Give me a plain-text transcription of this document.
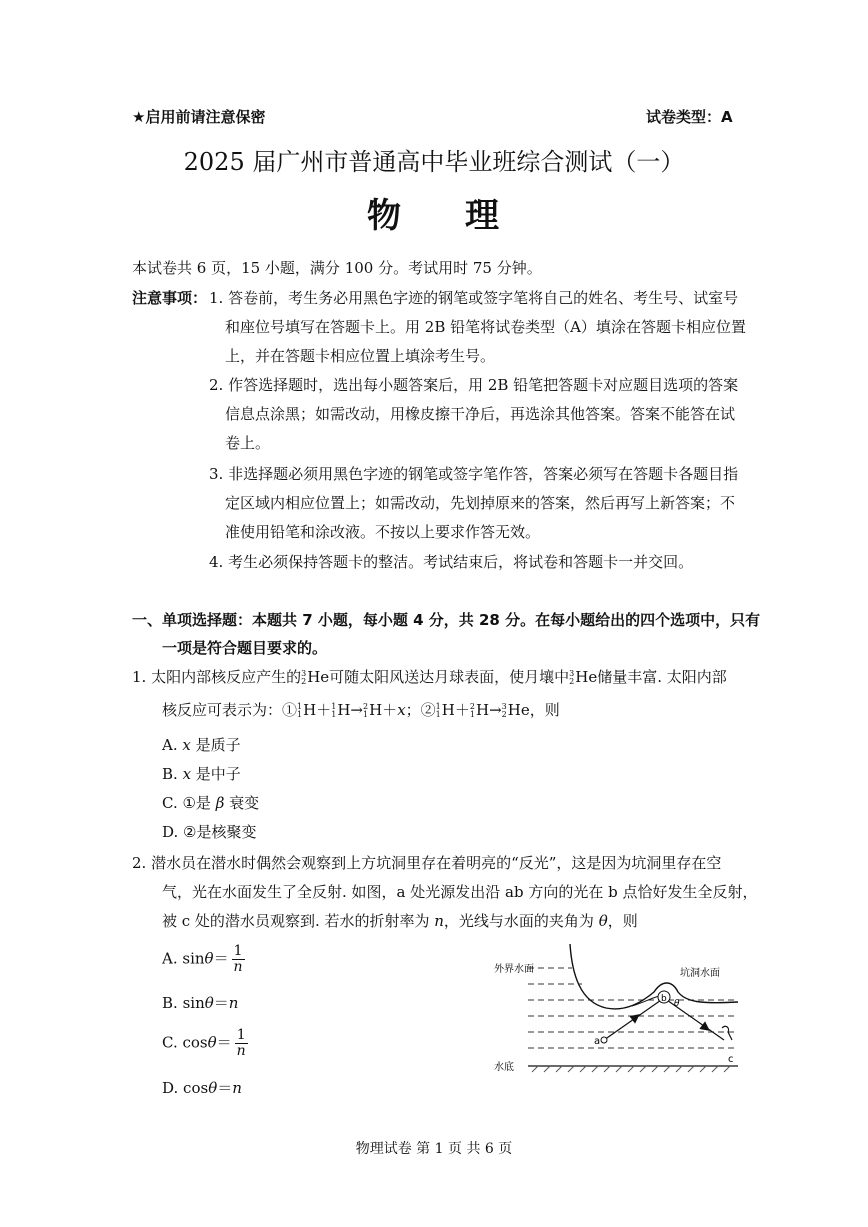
★启用前请注意保密	试卷类型：A
2025 届广州市普通高中毕业班综合测试（一）
物 理
本试卷共 6 页，15 小题，满分 100 分。考试用时 75 分钟。
注意事项： 1. 答卷前，考生务必用黑色字迹的钢笔或签字笔将自己的姓名、考生号、试室号
和座位号填写在答题卡上。用 2B 铅笔将试卷类型（A）填涂在答题卡相应位置
上，并在答题卡相应位置上填涂考生号。
2. 作答选择题时，选出每小题答案后，用 2B 铅笔把答题卡对应题目选项的答案
信息点涂黑；如需改动，用橡皮擦干净后，再选涂其他答案。答案不能答在试
卷上。
3. 非选择题必须用黑色字迹的钢笔或签字笔作答，答案必须写在答题卡各题目指
定区域内相应位置上；如需改动，先划掉原来的答案，然后再写上新答案；不
准使用铅笔和涂改液。不按以上要求作答无效。
4. 考生必须保持答题卡的整洁。考试结束后，将试卷和答题卡一并交回。
一、单项选择题：本题共 7 小题，每小题 4 分，共 28 分。在每小题给出的四个选项中，只有
一项是符合题目要求的。
1. 太阳内部核反应产生的 3
2 He可随太阳风送达月球表面，使月壤中 3
2 He储量丰富. 太阳内部
核反应可表示为：① 1
1 H＋ 1
1 H→ 2
1 H＋x；② 1
1 H＋ 2
1 H→ 3
2 He，则
A. x 是质子
B. x 是中子
C. ①是 β 衰变
D. ②是核聚变
2. 潜水员在潜水时偶然会观察到上方坑洞里存在着明亮的“反光”，这是因为坑洞里存在空
气，光在水面发生了全反射. 如图，a 处光源发出沿 ab 方向的光在 b 点恰好发生全反射，
被 c 处的潜水员观察到. 若水的折射率为 n，光线与水面的夹角为 θ，则
A. $\sin\theta= \frac{1}{n}$
B. sinθ＝n
C. $\cos\theta= \frac{1}{n}$
D. cosθ＝n
外界水面	坑洞水面
水底
a
b
c
θ
物理试卷 第 1 页 共 6 页
